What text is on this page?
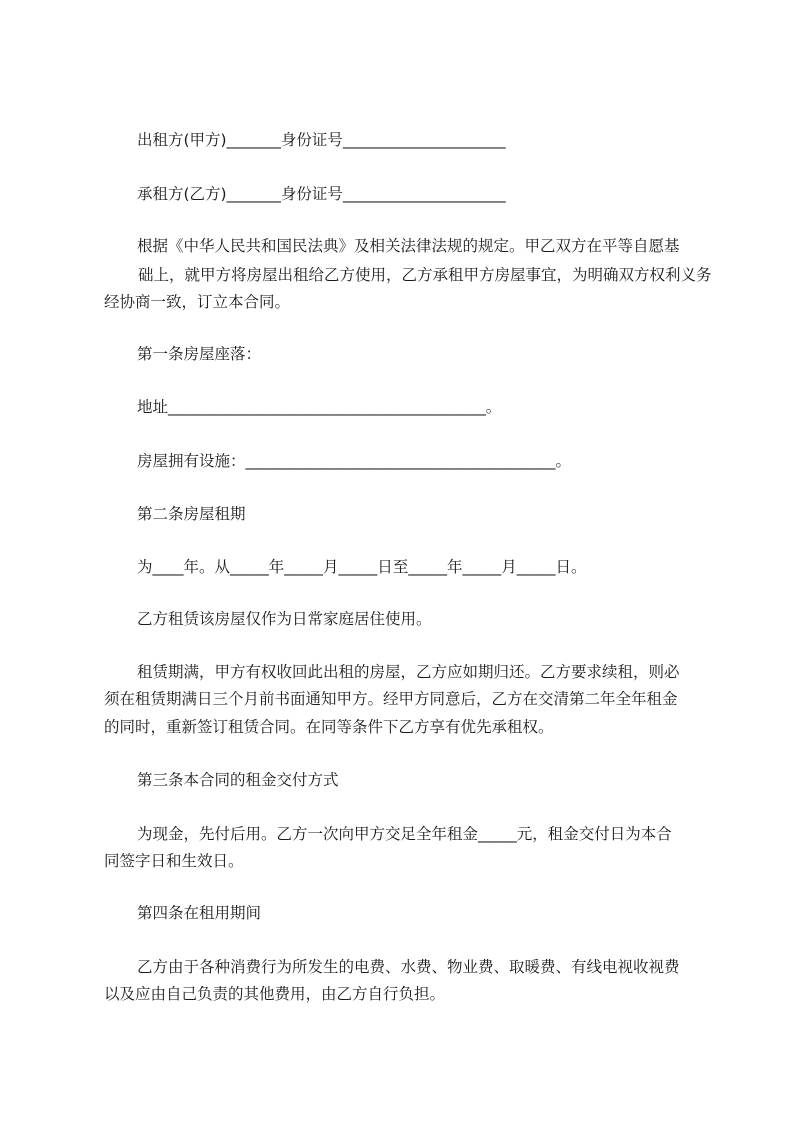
出租方(甲方)_______身份证号_____________________
承租方(乙方)_______身份证号_____________________
根据《中华人民共和国民法典》及相关法律法规的规定。甲乙双方在平等自愿基
础上，就甲方将房屋出租给乙方使用，乙方承租甲方房屋事宜，为明确双方权利义务
经协商一致，订立本合同。
第一条房屋座落：
地址_________________________________________。
房屋拥有设施：________________________________________。
第二条房屋租期
为____年。从_____年_____月_____日至_____年_____月_____日。
乙方租赁该房屋仅作为日常家庭居住使用。
租赁期满，甲方有权收回此出租的房屋，乙方应如期归还。乙方要求续租，则必
须在租赁期满日三个月前书面通知甲方。经甲方同意后，乙方在交清第二年全年租金
的同时，重新签订租赁合同。在同等条件下乙方享有优先承租权。
第三条本合同的租金交付方式
为现金，先付后用。乙方一次向甲方交足全年租金_____元，租金交付日为本合
同签字日和生效日。
第四条在租用期间
乙方由于各种消费行为所发生的电费、水费、物业费、取暖费、有线电视收视费
以及应由自己负责的其他费用，由乙方自行负担。
